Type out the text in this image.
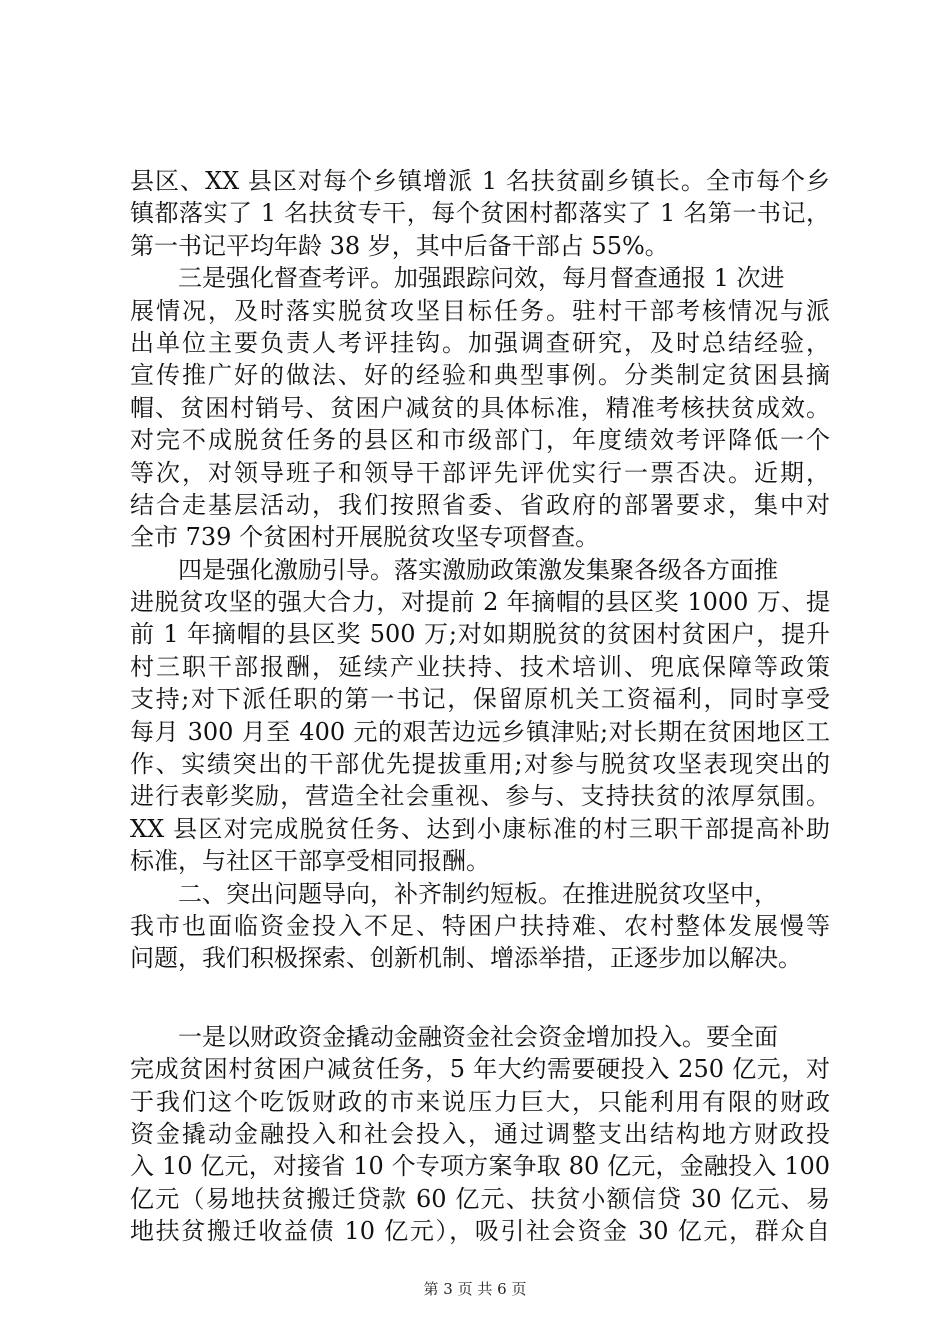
县区、XX 县区对每个乡镇增派 1 名扶贫副乡镇长。全市每个乡
镇都落实了 1 名扶贫专干，每个贫困村都落实了 1 名第一书记，
第一书记平均年龄 38 岁，其中后备干部占 55%。
　　三是强化督查考评。加强跟踪问效，每月督查通报 1 次进
展情况，及时落实脱贫攻坚目标任务。驻村干部考核情况与派
出单位主要负责人考评挂钩。加强调查研究，及时总结经验，
宣传推广好的做法、好的经验和典型事例。分类制定贫困县摘
帽、贫困村销号、贫困户减贫的具体标准，精准考核扶贫成效。
对完不成脱贫任务的县区和市级部门，年度绩效考评降低一个
等次，对领导班子和领导干部评先评优实行一票否决。近期，
结合走基层活动，我们按照省委、省政府的部署要求，集中对
全市 739 个贫困村开展脱贫攻坚专项督查。
　　四是强化激励引导。落实激励政策激发集聚各级各方面推
进脱贫攻坚的强大合力，对提前 2 年摘帽的县区奖 1000 万、提
前 1 年摘帽的县区奖 500 万;对如期脱贫的贫困村贫困户，提升
村三职干部报酬，延续产业扶持、技术培训、兜底保障等政策
支持;对下派任职的第一书记，保留原机关工资福利，同时享受
每月 300 月至 400 元的艰苦边远乡镇津贴;对长期在贫困地区工
作、实绩突出的干部优先提拔重用;对参与脱贫攻坚表现突出的
进行表彰奖励，营造全社会重视、参与、支持扶贫的浓厚氛围。
XX 县区对完成脱贫任务、达到小康标准的村三职干部提高补助
标准，与社区干部享受相同报酬。
　　二、突出问题导向，补齐制约短板。在推进脱贫攻坚中，
我市也面临资金投入不足、特困户扶持难、农村整体发展慢等
问题，我们积极探索、创新机制、增添举措，正逐步加以解决。
　　一是以财政资金撬动金融资金社会资金增加投入。要全面
完成贫困村贫困户减贫任务，5 年大约需要硬投入 250 亿元，对
于我们这个吃饭财政的市来说压力巨大，只能利用有限的财政
资金撬动金融投入和社会投入，通过调整支出结构地方财政投
入 10 亿元，对接省 10 个专项方案争取 80 亿元，金融投入 100
亿元（易地扶贫搬迁贷款 60 亿元、扶贫小额信贷 30 亿元、易
地扶贫搬迁收益债 10 亿元），吸引社会资金 30 亿元，群众自
第 3 页 共 6 页
